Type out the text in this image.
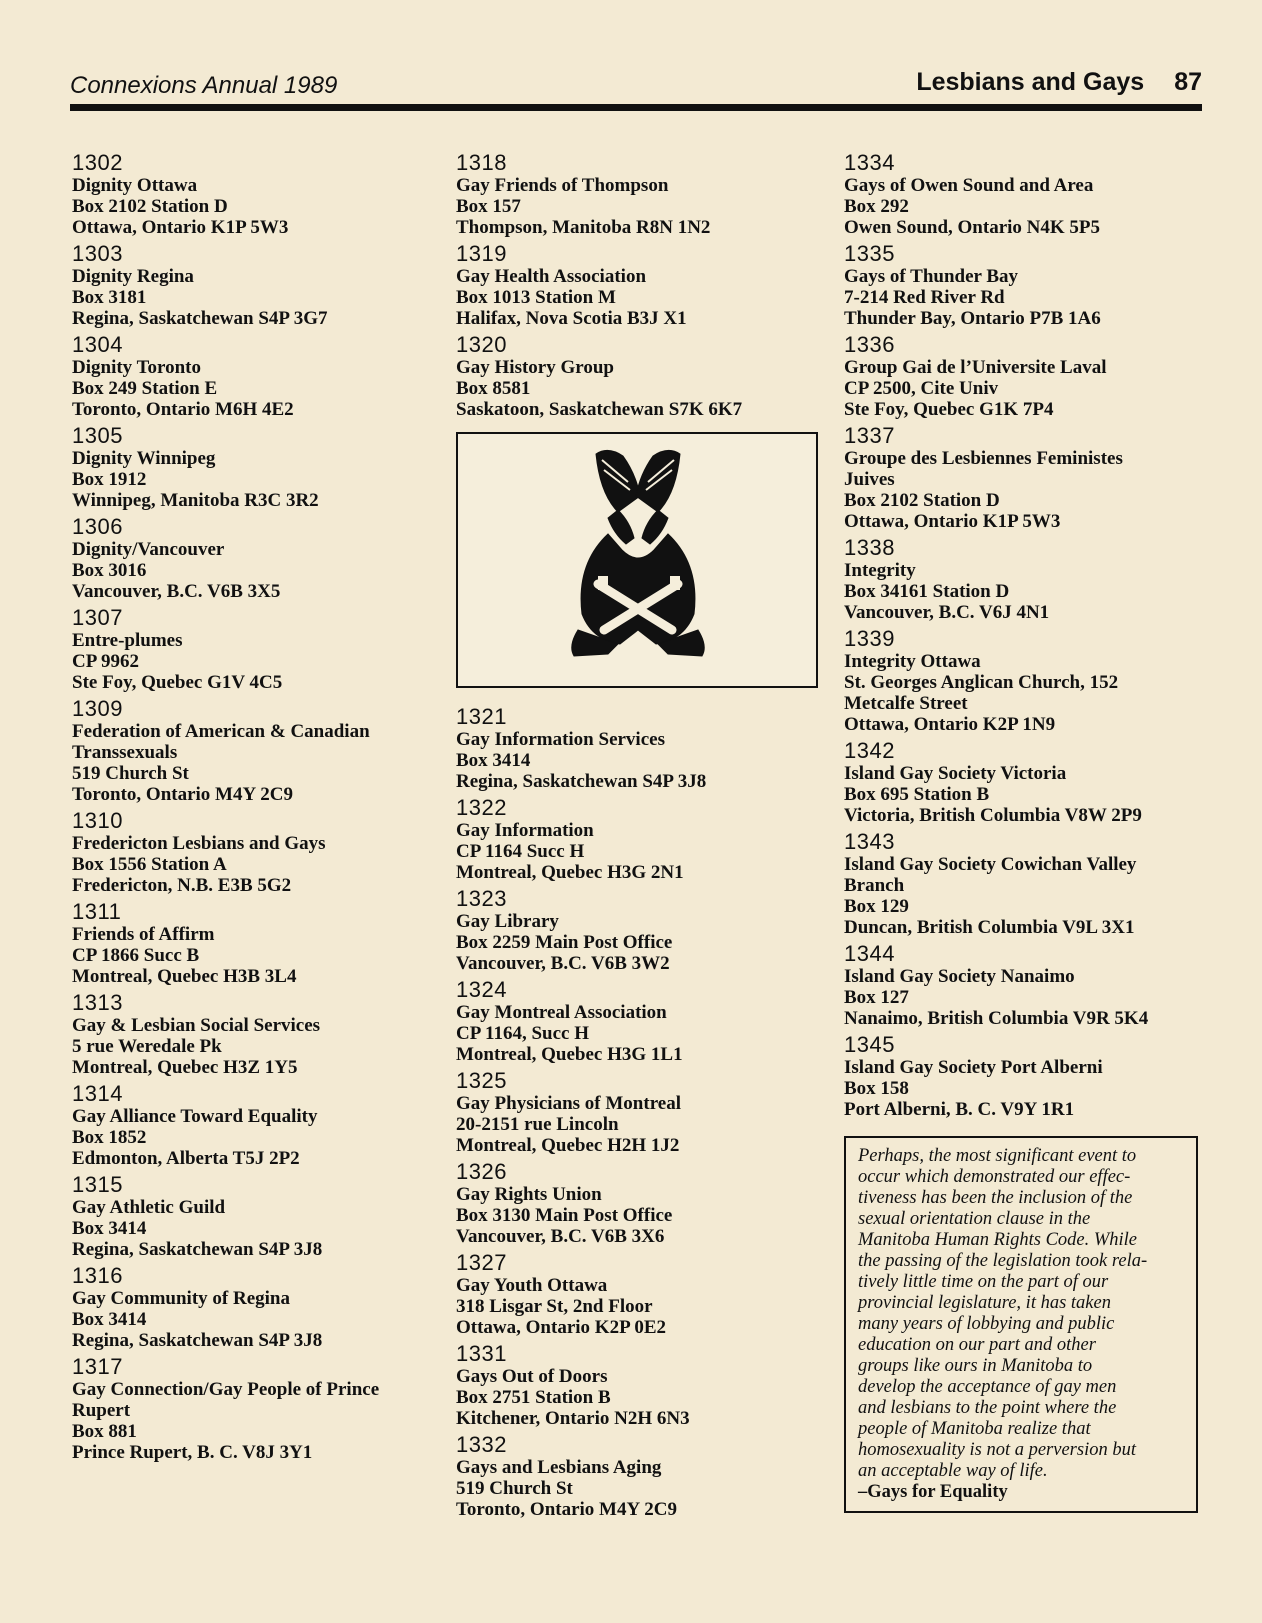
Connexions Annual 1989	Lesbians and Gays 87
1302
Dignity Ottawa
Box 2102 Station D
Ottawa, Ontario K1P 5W3
1303
Dignity Regina
Box 3181
Regina, Saskatchewan S4P 3G7
1304
Dignity Toronto
Box 249 Station E
Toronto, Ontario M6H 4E2
1305
Dignity Winnipeg
Box 1912
Winnipeg, Manitoba R3C 3R2
1306
Dignity/Vancouver
Box 3016
Vancouver, B.C. V6B 3X5
1307
Entre-plumes
CP 9962
Ste Foy, Quebec G1V 4C5
1309
Federation of American & Canadian
Transsexuals
519 Church St
Toronto, Ontario M4Y 2C9
1310
Fredericton Lesbians and Gays
Box 1556 Station A
Fredericton, N.B. E3B 5G2
1311
Friends of Affirm
CP 1866 Succ B
Montreal, Quebec H3B 3L4
1313
Gay & Lesbian Social Services
5 rue Weredale Pk
Montreal, Quebec H3Z 1Y5
1314
Gay Alliance Toward Equality
Box 1852
Edmonton, Alberta T5J 2P2
1315
Gay Athletic Guild
Box 3414
Regina, Saskatchewan S4P 3J8
1316
Gay Community of Regina
Box 3414
Regina, Saskatchewan S4P 3J8
1317
Gay Connection/Gay People of Prince
Rupert
Box 881
Prince Rupert, B. C. V8J 3Y1
1318
Gay Friends of Thompson
Box 157
Thompson, Manitoba R8N 1N2
1319
Gay Health Association
Box 1013 Station M
Halifax, Nova Scotia B3J X1
1320
Gay History Group
Box 8581
Saskatoon, Saskatchewan S7K 6K7
1321
Gay Information Services
Box 3414
Regina, Saskatchewan S4P 3J8
1322
Gay Information
CP 1164 Succ H
Montreal, Quebec H3G 2N1
1323
Gay Library
Box 2259 Main Post Office
Vancouver, B.C. V6B 3W2
1324
Gay Montreal Association
CP 1164, Succ H
Montreal, Quebec H3G 1L1
1325
Gay Physicians of Montreal
20-2151 rue Lincoln
Montreal, Quebec H2H 1J2
1326
Gay Rights Union
Box 3130 Main Post Office
Vancouver, B.C. V6B 3X6
1327
Gay Youth Ottawa
318 Lisgar St, 2nd Floor
Ottawa, Ontario K2P 0E2
1331
Gays Out of Doors
Box 2751 Station B
Kitchener, Ontario N2H 6N3
1332
Gays and Lesbians Aging
519 Church St
Toronto, Ontario M4Y 2C9
1334
Gays of Owen Sound and Area
Box 292
Owen Sound, Ontario N4K 5P5
1335
Gays of Thunder Bay
7-214 Red River Rd
Thunder Bay, Ontario P7B 1A6
1336
Group Gai de l’Universite Laval
CP 2500, Cite Univ
Ste Foy, Quebec G1K 7P4
1337
Groupe des Lesbiennes Feministes
Juives
Box 2102 Station D
Ottawa, Ontario K1P 5W3
1338
Integrity
Box 34161 Station D
Vancouver, B.C. V6J 4N1
1339
Integrity Ottawa
St. Georges Anglican Church, 152
Metcalfe Street
Ottawa, Ontario K2P 1N9
1342
Island Gay Society Victoria
Box 695 Station B
Victoria, British Columbia V8W 2P9
1343
Island Gay Society Cowichan Valley
Branch
Box 129
Duncan, British Columbia V9L 3X1
1344
Island Gay Society Nanaimo
Box 127
Nanaimo, British Columbia V9R 5K4
1345
Island Gay Society Port Alberni
Box 158
Port Alberni, B. C. V9Y 1R1
Perhaps, the most significant event to
occur which demonstrated our effec-
tiveness has been the inclusion of the
sexual orientation clause in the
Manitoba Human Rights Code. While
the passing of the legislation took rela-
tively little time on the part of our
provincial legislature, it has taken
many years of lobbying and public
education on our part and other
groups like ours in Manitoba to
develop the acceptance of gay men
and lesbians to the point where the
people of Manitoba realize that
homosexuality is not a perversion but
an acceptable way of life.
–Gays for Equality
